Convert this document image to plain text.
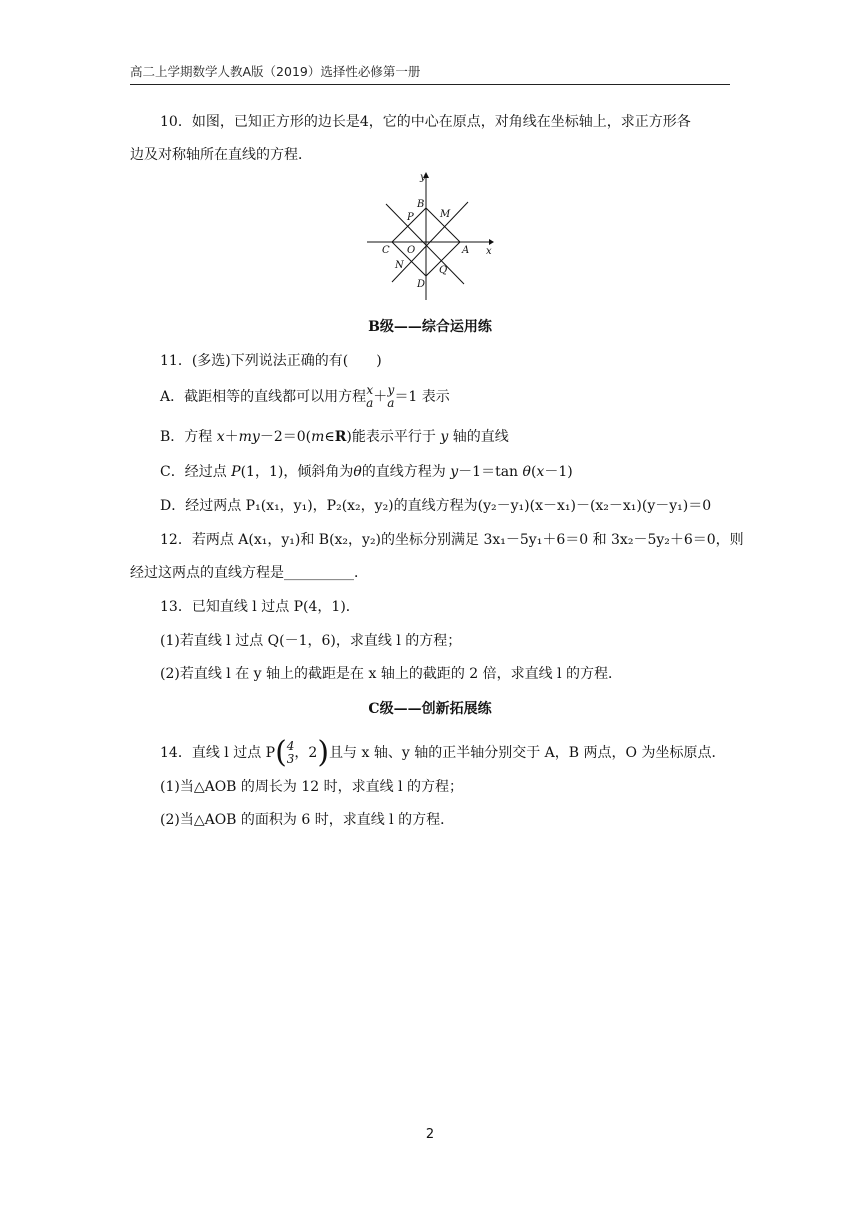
高二上学期数学人教A版（2019）选择性必修第一册
10．如图，已知正方形的边长是4，它的中心在原点，对角线在坐标轴上，求正方形各
边及对称轴所在直线的方程．
y
x
B
M
P
C O	A
N	Q
D
B级——综合运用练
11．(多选)下列说法正确的有(　　)
A．截距相等的直线都可以用方程 x
a ＋ y
a ＝1 表示
B．方程 x＋my－2＝0(m∈R)能表示平行于 y 轴的直线
C．经过点 P(1，1)，倾斜角为θ的直线方程为 y－1＝tan θ(x－1)
D．经过两点 P₁(x₁，y₁)，P₂(x₂，y₂)的直线方程为(y₂－y₁)(x－x₁)－(x₂－x₁)(y－y₁)＝0
12．若两点 A(x₁，y₁)和 B(x₂，y₂)的坐标分别满足 3x₁－5y₁＋6＝0 和 3x₂－5y₂＋6＝0，则
经过这两点的直线方程是__________．
13．已知直线 l 过点 P(4，1)．
(1)若直线 l 过点 Q(－1，6)，求直线 l 的方程；
(2)若直线 l 在 y 轴上的截距是在 x 轴上的截距的 2 倍，求直线 l 的方程．
C级——创新拓展练
14．直线 l 过点 P( 4
3 ，2)且与 x 轴、y 轴的正半轴分别交于 A，B 两点，O 为坐标原点．
(1)当△AOB 的周长为 12 时，求直线 l 的方程；
(2)当△AOB 的面积为 6 时，求直线 l 的方程．
2
